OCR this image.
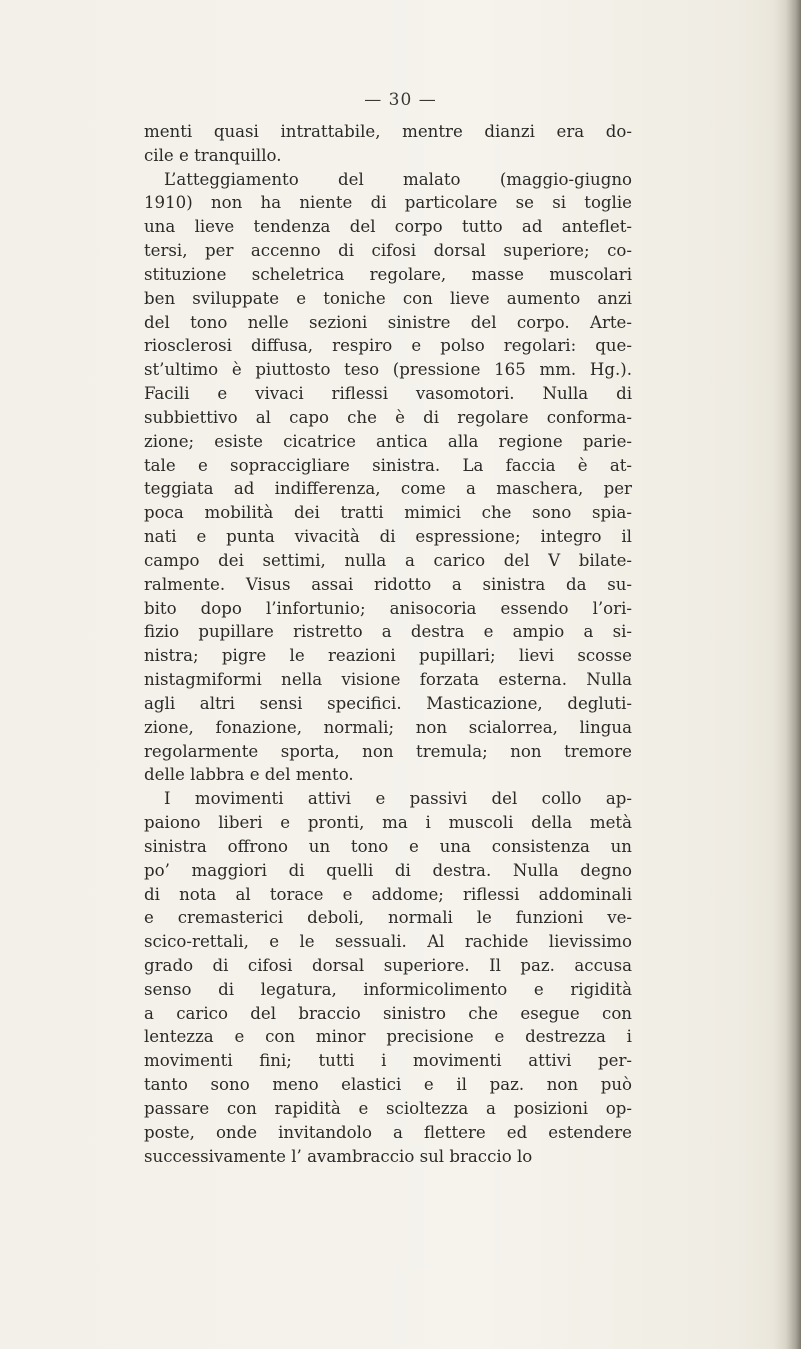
— 30 —
menti quasi intrattabile, mentre dianzi era do-
cile e tranquillo.
L’atteggiamento del malato (maggio-giugno
1910) non ha niente di particolare se si toglie
una lieve tendenza del corpo tutto ad anteflet-
tersi, per accenno di cifosi dorsal superiore; co-
stituzione scheletrica regolare, masse muscolari
ben sviluppate e toniche con lieve aumento anzi
del tono nelle sezioni sinistre del corpo. Arte-
riosclerosi diffusa, respiro e polso regolari: que-
st’ultimo è piuttosto teso (pressione 165 mm. Hg.).
Facili e vivaci riflessi vasomotori. Nulla di
subbiettivo al capo che è di regolare conforma-
zione; esiste cicatrice antica alla regione parie-
tale e sopraccigliare sinistra. La faccia è at-
teggiata ad indifferenza, come a maschera, per
poca mobilità dei tratti mimici che sono spia-
nati e punta vivacità di espressione; integro il
campo dei settimi, nulla a carico del V bilate-
ralmente. Visus assai ridotto a sinistra da su-
bito dopo l’infortunio; anisocoria essendo l’ori-
fizio pupillare ristretto a destra e ampio a si-
nistra; pigre le reazioni pupillari; lievi scosse
nistagmiformi nella visione forzata esterna. Nulla
agli altri sensi specifici. Masticazione, degluti-
zione, fonazione, normali; non scialorrea, lingua
regolarmente sporta, non tremula; non tremore
delle labbra e del mento.
I movimenti attivi e passivi del collo ap-
paiono liberi e pronti, ma i muscoli della metà
sinistra offrono un tono e una consistenza un
po’ maggiori di quelli di destra. Nulla degno
di nota al torace e addome; riflessi addominali
e cremasterici deboli, normali le funzioni ve-
scico-rettali, e le sessuali. Al rachide lievissimo
grado di cifosi dorsal superiore. Il paz. accusa
senso di legatura, informicolimento e rigidità
a carico del braccio sinistro che esegue con
lentezza e con minor precisione e destrezza i
movimenti fini; tutti i movimenti attivi per-
tanto sono meno elastici e il paz. non può
passare con rapidità e scioltezza a posizioni op-
poste, onde invitandolo a flettere ed estendere
successivamente l’ avambraccio sul braccio lo
